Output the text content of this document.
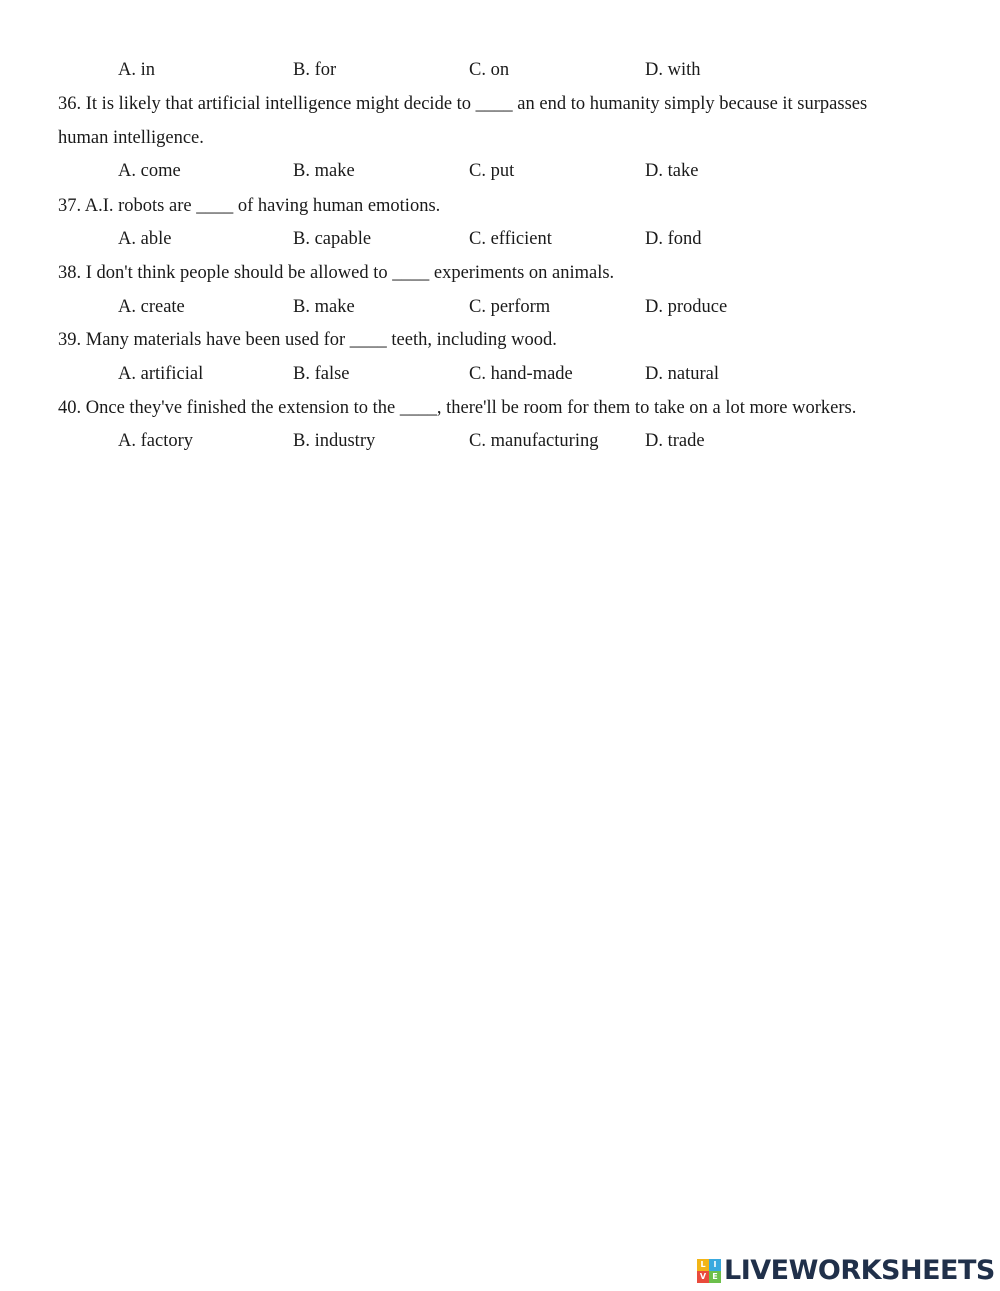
A. in	B. for	C. on	D. with
36. It is likely that artificial intelligence might decide to ____ an end to humanity simply because it surpasses
human intelligence.
A. come	B. make	C. put	D. take
37. A.I. robots are ____ of having human emotions.
A. able	B. capable	C. efficient	D. fond
38. I don't think people should be allowed to ____ experiments on animals.
A. create	B. make	C. perform	D. produce
39. Many materials have been used for ____ teeth, including wood.
A. artificial	B. false	C. hand-made	D. natural
40. Once they've finished the extension to the ____, there'll be room for them to take on a lot more workers.
A. factory	B. industry	C. manufacturing	D. trade
L I
V E LIVEWORKSHEETS
